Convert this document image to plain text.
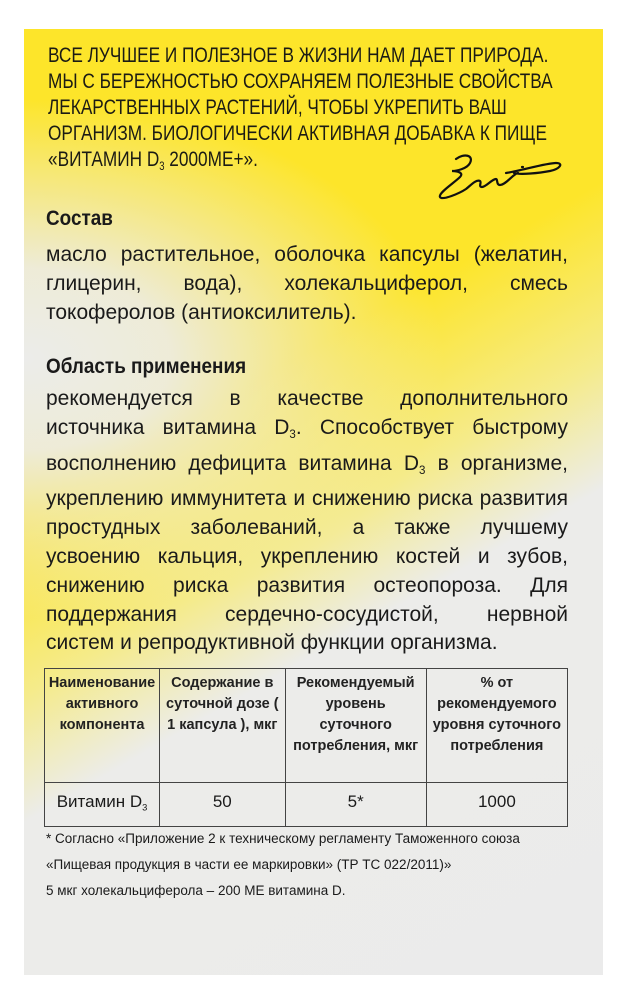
ВСЕ ЛУЧШЕЕ И ПОЛЕЗНОЕ В ЖИЗНИ НАМ ДАЕТ ПРИРОДА.
МЫ С БЕРЕЖНОСТЬЮ СОХРАНЯЕМ ПОЛЕЗНЫЕ СВОЙСТВА
ЛЕКАРСТВЕННЫХ РАСТЕНИЙ, ЧТОБЫ УКРЕПИТЬ ВАШ
ОРГАНИЗМ. БИОЛОГИЧЕСКИ АКТИВНАЯ ДОБАВКА К ПИЩЕ
«ВИТАМИН $D_3$ 2000МЕ+».
Состав
масло растительное, оболочка капсулы (желатин,
глицерин, вода), холекальциферол, смесь
токоферолов (антиоксилитель).
Область применения
рекомендуется в качестве дополнительного
источника витамина $D_3$. Способствует быстрому
восполнению дефицита витамина $D_3$ в организме,
укреплению иммунитета и снижению риска развития
простудных заболеваний, а также лучшему
усвоению кальция, укреплению костей и зубов,
снижению риска развития остеопороза. Для
поддержания сердечно-сосудистой, нервной
систем и репродуктивной функции организма.
Наименование активного компонента	Содержание в суточной дозе ( 1 капсула ), мкг	Рекомендуемый уровень суточного потребления, мкг	% от рекомендуемого уровня суточного потребления
Витамин $D_3$	50	5*	1000
* Согласно «Приложение 2 к техническому регламенту Таможенного союза
«Пищевая продукция в части ее маркировки» (ТР ТС 022/2011)»
5 мкг холекальциферола – 200 МЕ витамина D.
